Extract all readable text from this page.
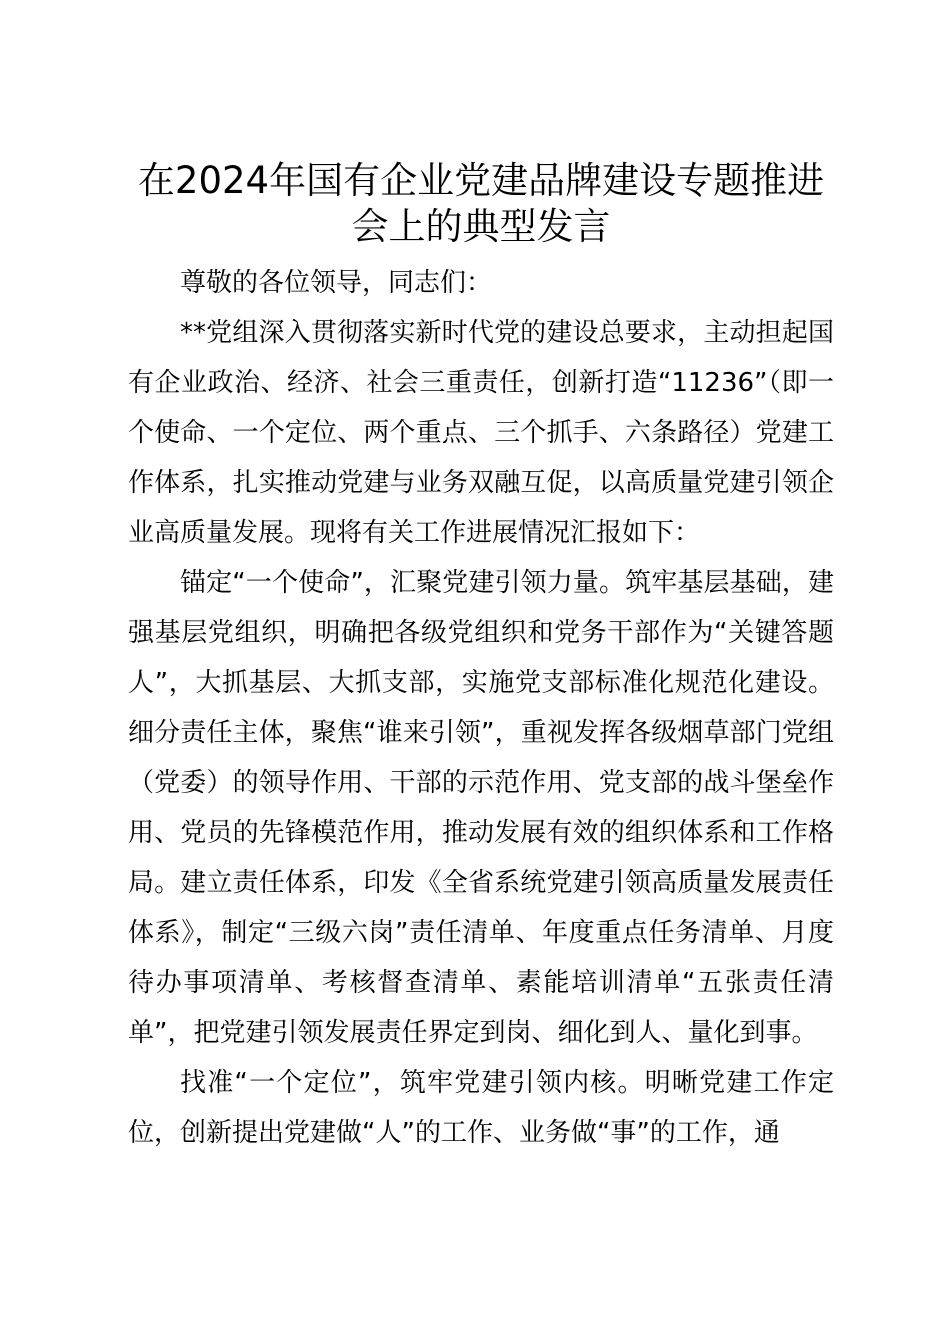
在2024年国有企业党建品牌建设专题推进会上的典型发言

尊敬的各位领导，同志们：

**党组深入贯彻落实新时代党的建设总要求，主动担起国有企业政治、经济、社会三重责任，创新打造“11236”（即一个使命、一个定位、两个重点、三个抓手、六条路径）党建工作体系，扎实推动党建与业务双融互促，以高质量党建引领企业高质量发展。现将有关工作进展情况汇报如下：

锚定“一个使命”，汇聚党建引领力量。筑牢基层基础，建强基层党组织，明确把各级党组织和党务干部作为“关键答题人”，大抓基层、大抓支部，实施党支部标准化规范化建设。细分责任主体，聚焦“谁来引领”，重视发挥各级烟草部门党组（党委）的领导作用、干部的示范作用、党支部的战斗堡垒作用、党员的先锋模范作用，推动发展有效的组织体系和工作格局。建立责任体系，印发《全省系统党建引领高质量发展责任体系》，制定“三级六岗”责任清单、年度重点任务清单、月度待办事项清单、考核督查清单、素能培训清单“五张责任清单”，把党建引领发展责任界定到岗、细化到人、量化到事。

找准“一个定位”，筑牢党建引领内核。明晰党建工作定位，创新提出党建做“人”的工作、业务做“事”的工作，通
